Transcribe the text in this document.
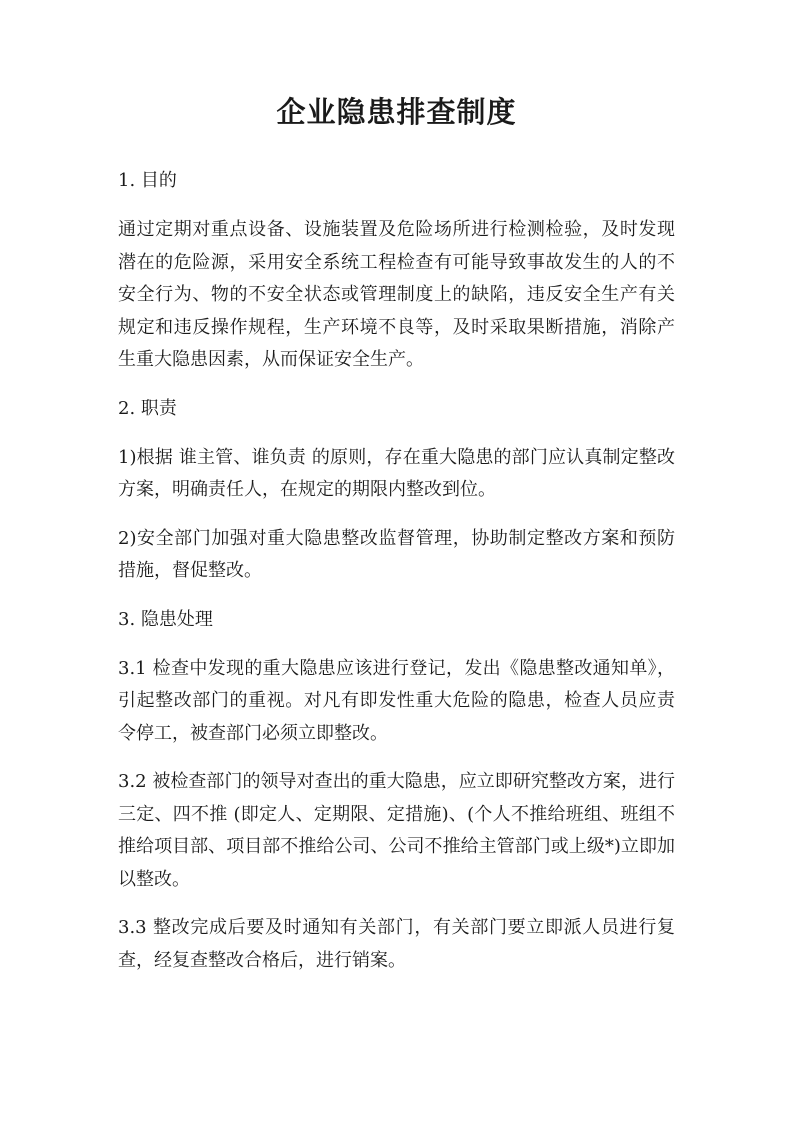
企业隐患排查制度
1. 目的

通过定期对重点设备、设施装置及危险场所进行检测检验，及时发现潜在的危险源，采用安全系统工程检查有可能导致事故发生的人的不安全行为、物的不安全状态或管理制度上的缺陷，违反安全生产有关规定和违反操作规程，生产环境不良等，及时采取果断措施，消除产生重大隐患因素，从而保证安全生产。

2. 职责

1)根据 谁主管、谁负责 的原则，存在重大隐患的部门应认真制定整改方案，明确责任人，在规定的期限内整改到位。

2)安全部门加强对重大隐患整改监督管理，协助制定整改方案和预防措施，督促整改。

3. 隐患处理

3.1 检查中发现的重大隐患应该进行登记，发出《隐患整改通知单》，引起整改部门的重视。对凡有即发性重大危险的隐患，检查人员应责令停工，被查部门必须立即整改。

3.2 被检查部门的领导对查出的重大隐患，应立即研究整改方案，进行 三定、四不推 (即定人、定期限、定措施)、(个人不推给班组、班组不推给项目部、项目部不推给公司、公司不推给主管部门或上级*)立即加以整改。

3.3 整改完成后要及时通知有关部门，有关部门要立即派人员进行复查，经复查整改合格后，进行销案。
